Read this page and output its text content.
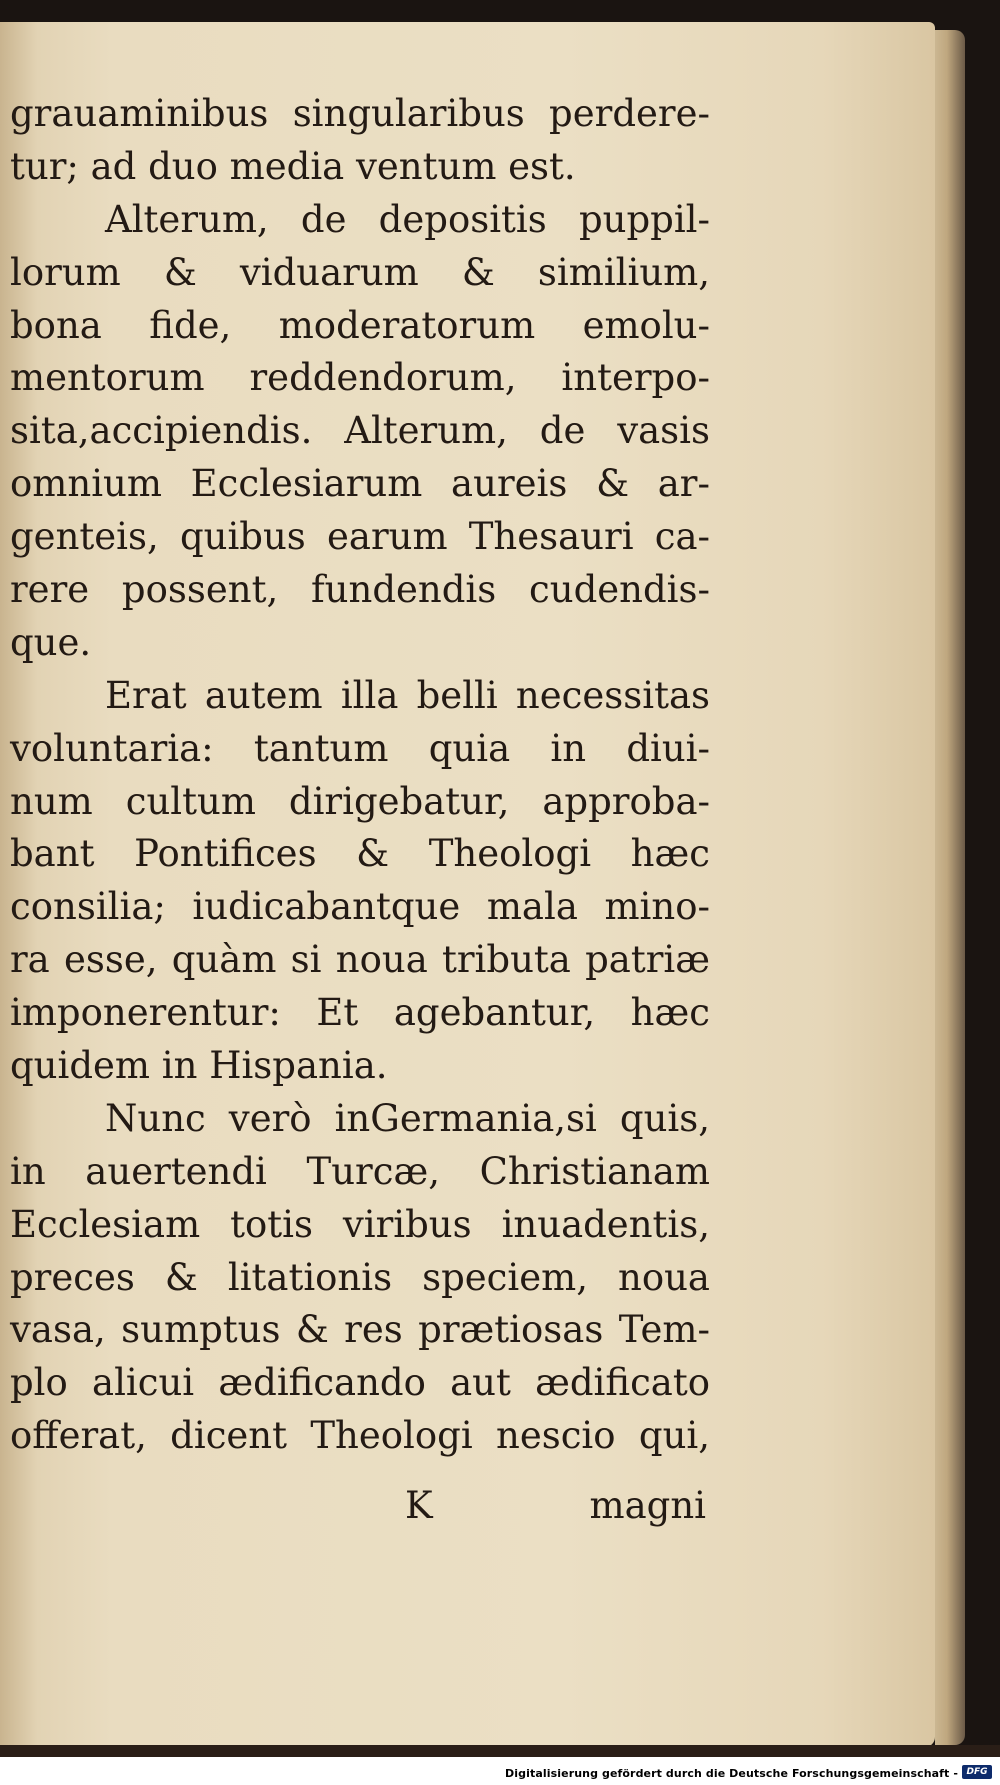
grauaminibus singularibus perdere-
tur; ad duo media ventum est.
Alterum, de depositis puppil-
lorum & viduarum & similium,
bona fide, moderatorum emolu-
mentorum reddendorum, interpo-
sita,accipiendis. Alterum, de vasis
omnium Ecclesiarum aureis & ar-
genteis, quibus earum Thesauri ca-
rere possent, fundendis cudendis-
que.
Erat autem illa belli necessitas
voluntaria: tantum quia in diui-
num cultum dirigebatur, approba-
bant Pontifices & Theologi hæc
consilia; iudicabantque mala mino-
ra esse, quàm si noua tributa patriæ
imponerentur: Et agebantur, hæc
quidem in Hispania.
Nunc verò inGermania,si quis,
in auertendi Turcæ, Christianam
Ecclesiam totis viribus inuadentis,
preces & litationis speciem, noua
vasa, sumptus & res prætiosas Tem-
plo alicui ædificando aut ædificato
offerat, dicent Theologi nescio qui,
K	magni
Digitalisierung gefördert durch die Deutsche Forschungsgemeinschaft - DFG
